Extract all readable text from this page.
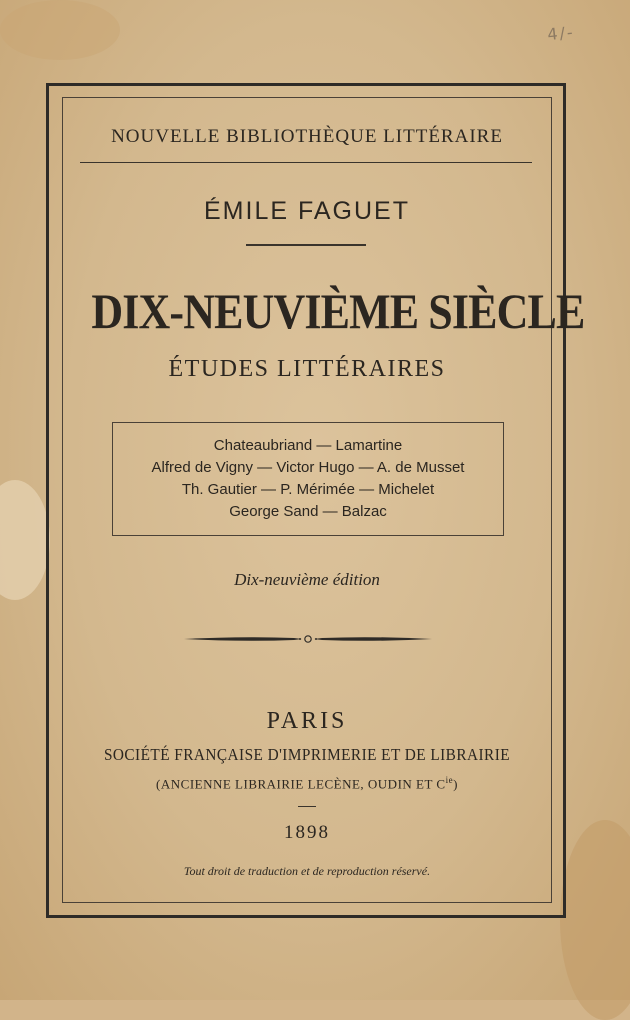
4/-
NOUVELLE BIBLIOTHÈQUE LITTÉRAIRE
ÉMILE FAGUET
DIX-NEUVIÈME SIÈCLE
ÉTUDES LITTÉRAIRES
Chateaubriand — Lamartine
Alfred de Vigny — Victor Hugo — A. de Musset
Th. Gautier — P. Mérimée — Michelet
George Sand — Balzac
Dix-neuvième édition
PARIS
SOCIÉTÉ FRANÇAISE D'IMPRIMERIE ET DE LIBRAIRIE
(ANCIENNE LIBRAIRIE LECÈNE, OUDIN ET $C^{ie}$)
1898
Tout droit de traduction et de reproduction réservé.
